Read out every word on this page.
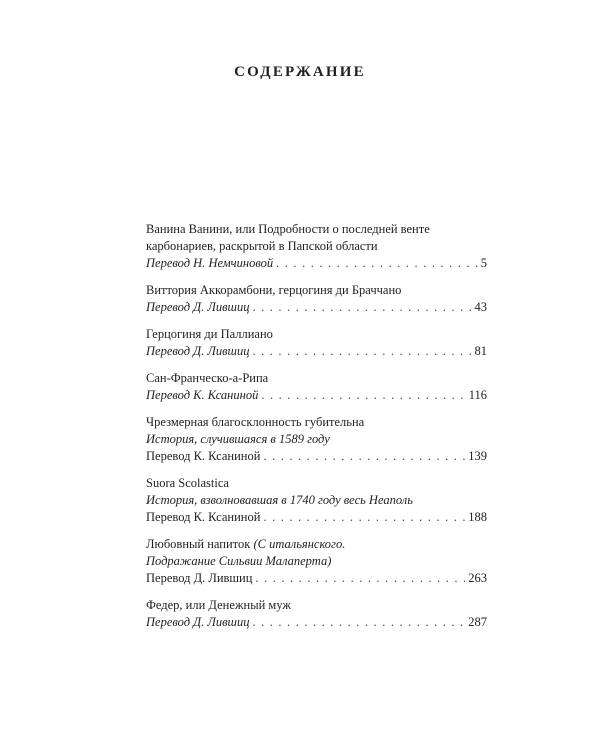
СОДЕРЖАНИЕ
Ванина Ванини, или Подробности о последней венте
карбонариев, раскрытой в Папской области
Перевод Н. Немчиновой . . .	5
Виттория Аккорамбони, герцогиня ди Браччано
Перевод Д. Лившиц . . .	43
Герцогиня ди Паллиано
Перевод Д. Лившиц . . .	81
Сан-Франческо-а-Рипа
Перевод К. Ксаниной . . .	116
Чрезмерная благосклонность губительна
История, случившаяся в 1589 году
Перевод К. Ксаниной . . .	139
Suora Scolastica
История, взволновавшая в 1740 году весь Неаполь
Перевод К. Ксаниной . . .	188
Любовный напиток (С итальянского.
Подражание Сильвии Малаперта)
Перевод Д. Лившиц . . .	263
Федер, или Денежный муж
Перевод Д. Лившиц . . .	287
